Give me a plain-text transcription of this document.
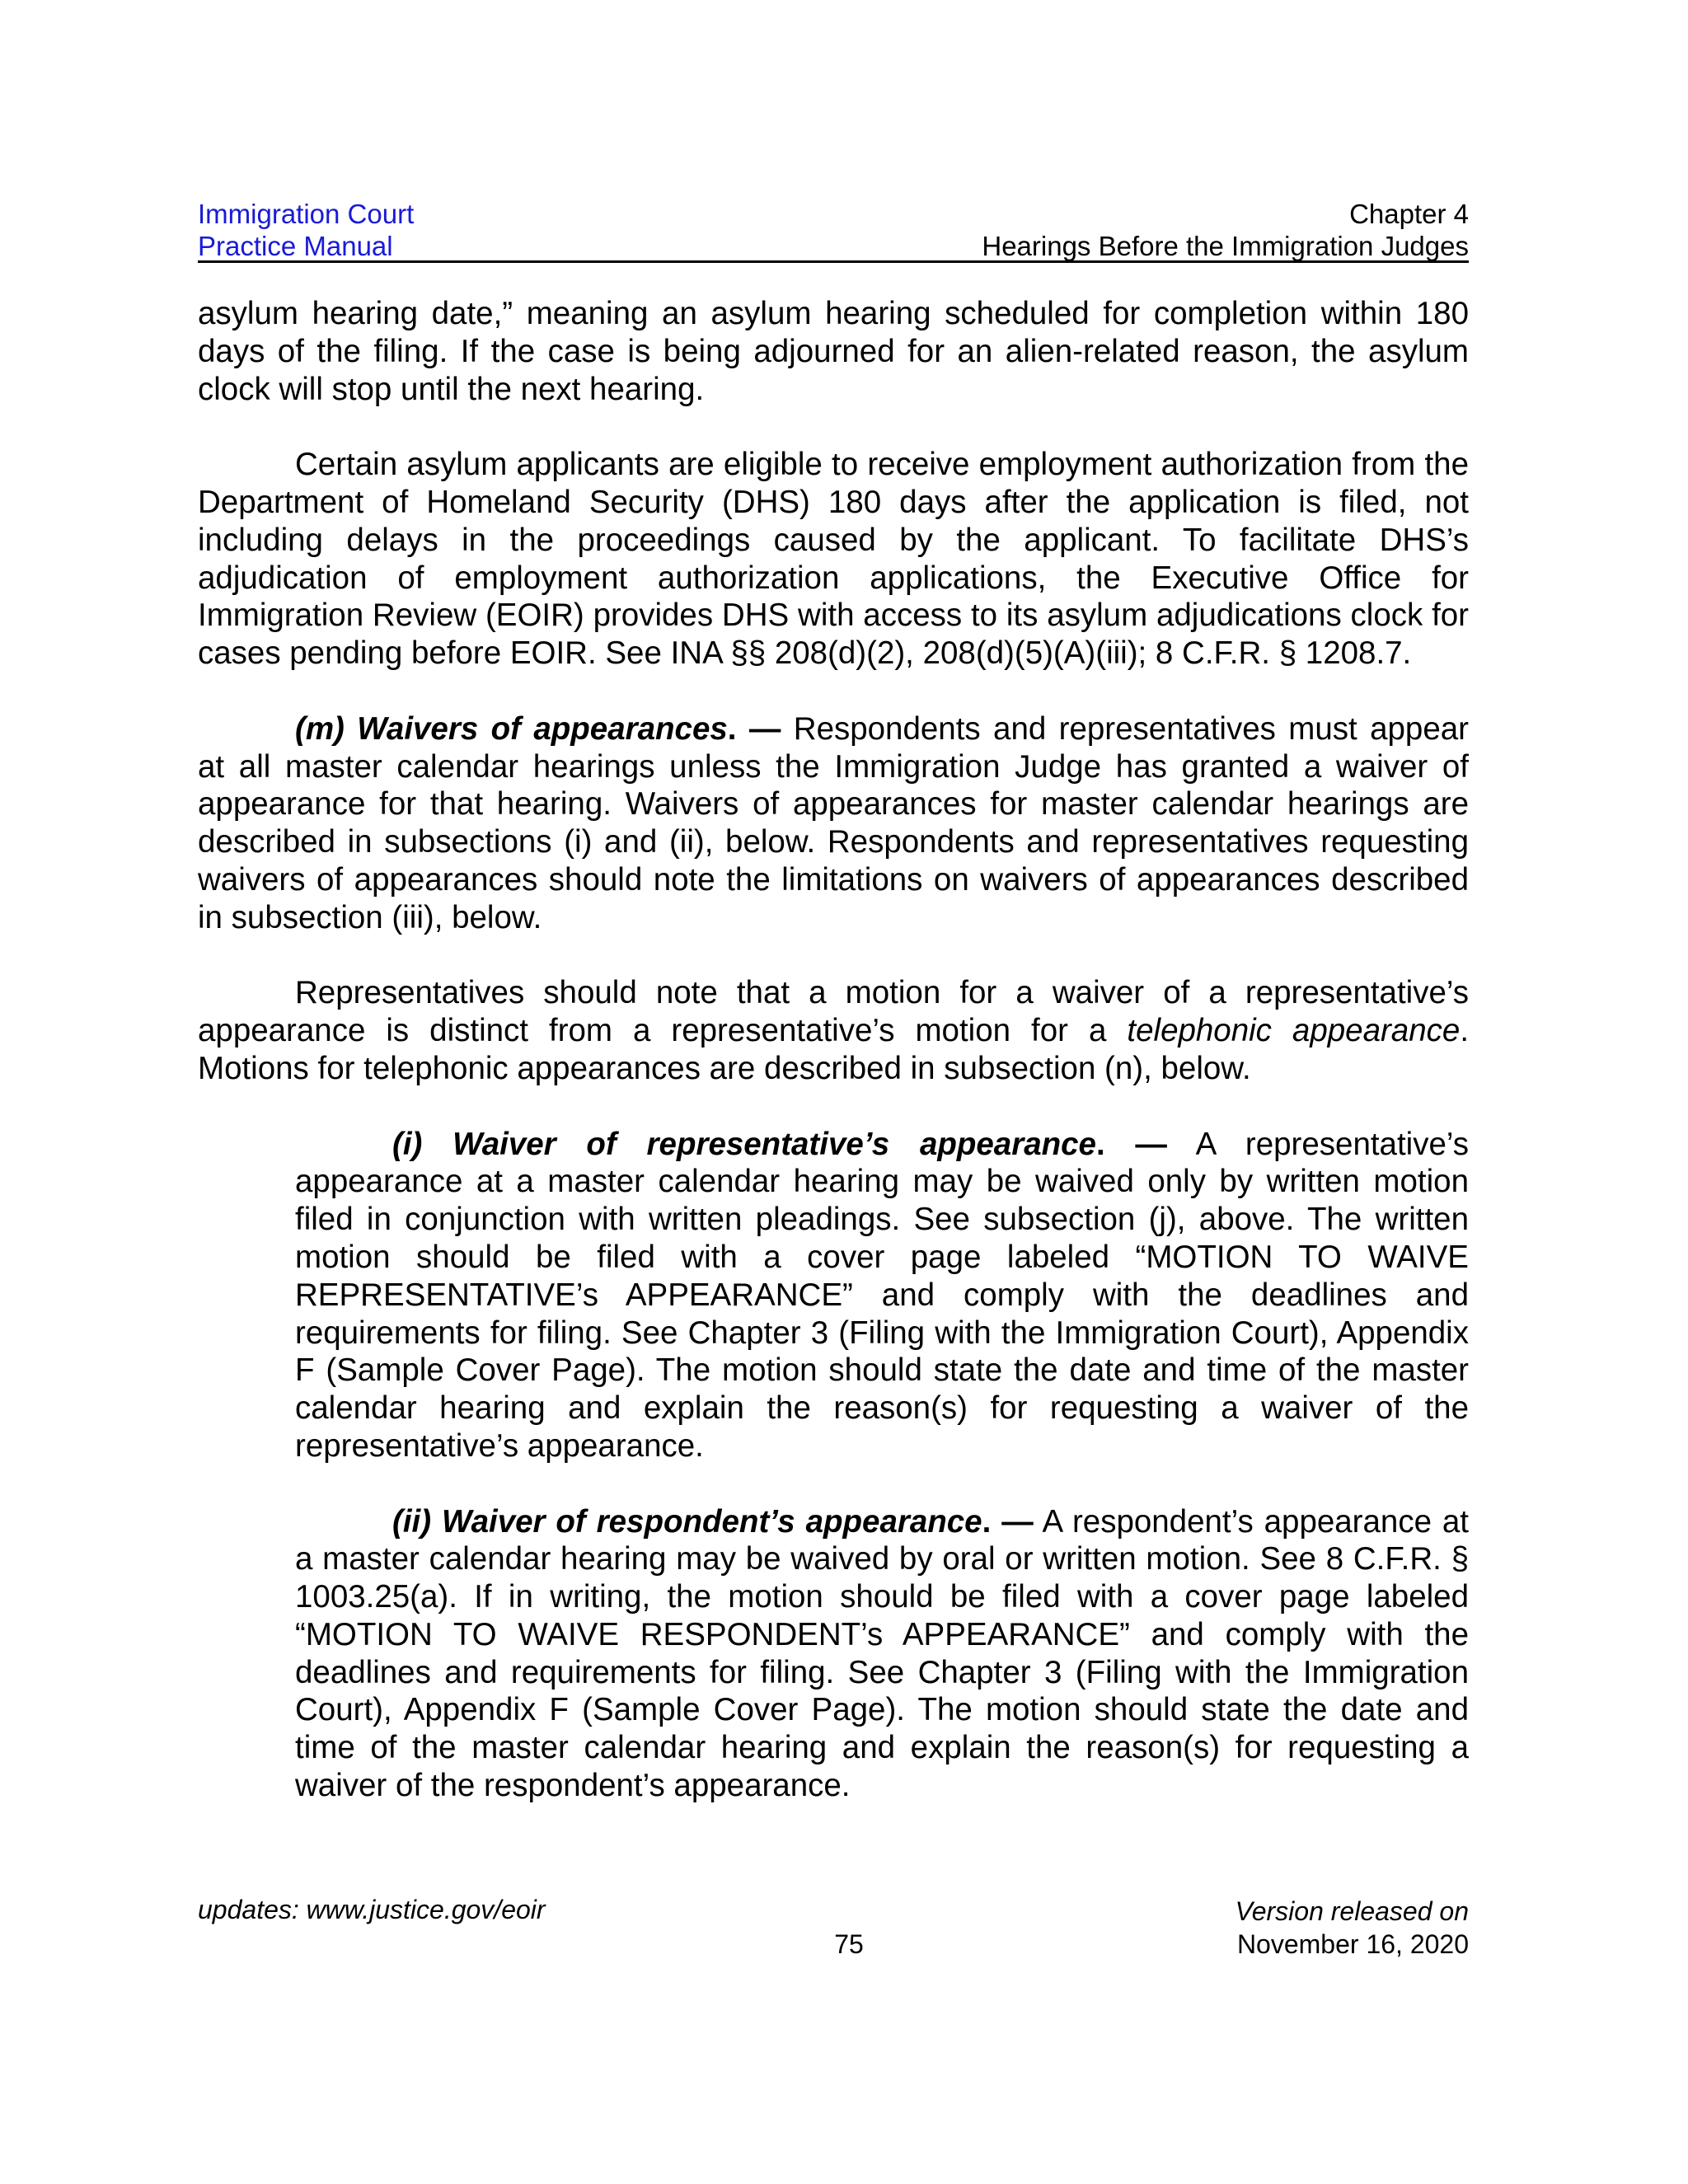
Immigration Court
Practice Manual
Chapter 4
Hearings Before the Immigration Judges

asylum hearing date,” meaning an asylum hearing scheduled for completion within 180 days of the filing. If the case is being adjourned for an alien-related reason, the asylum clock will stop until the next hearing.

Certain asylum applicants are eligible to receive employment authorization from the Department of Homeland Security (DHS) 180 days after the application is filed, not including delays in the proceedings caused by the applicant. To facilitate DHS’s adjudication of employment authorization applications, the Executive Office for Immigration Review (EOIR) provides DHS with access to its asylum adjudications clock for cases pending before EOIR. See INA §§ 208(d)(2), 208(d)(5)(A)(iii); 8 C.F.R. § 1208.7.

(m) Waivers of appearances. — Respondents and representatives must appear at all master calendar hearings unless the Immigration Judge has granted a waiver of appearance for that hearing. Waivers of appearances for master calendar hearings are described in subsections (i) and (ii), below. Respondents and representatives requesting waivers of appearances should note the limitations on waivers of appearances described in subsection (iii), below.

Representatives should note that a motion for a waiver of a representative’s appearance is distinct from a representative’s motion for a telephonic appearance. Motions for telephonic appearances are described in subsection (n), below.

(i) Waiver of representative’s appearance. — A representative’s appearance at a master calendar hearing may be waived only by written motion filed in conjunction with written pleadings. See subsection (j), above. The written motion should be filed with a cover page labeled “MOTION TO WAIVE REPRESENTATIVE’s APPEARANCE” and comply with the deadlines and requirements for filing. See Chapter 3 (Filing with the Immigration Court), Appendix F (Sample Cover Page). The motion should state the date and time of the master calendar hearing and explain the reason(s) for requesting a waiver of the representative’s appearance.

(ii) Waiver of respondent’s appearance. — A respondent’s appearance at a master calendar hearing may be waived by oral or written motion. See 8 C.F.R. § 1003.25(a). If in writing, the motion should be filed with a cover page labeled “MOTION TO WAIVE RESPONDENT’s APPEARANCE” and comply with the deadlines and requirements for filing. See Chapter 3 (Filing with the Immigration Court), Appendix F (Sample Cover Page). The motion should state the date and time of the master calendar hearing and explain the reason(s) for requesting a waiver of the respondent’s appearance.

updates: www.justice.gov/eoir
75
Version released on
November 16, 2020
